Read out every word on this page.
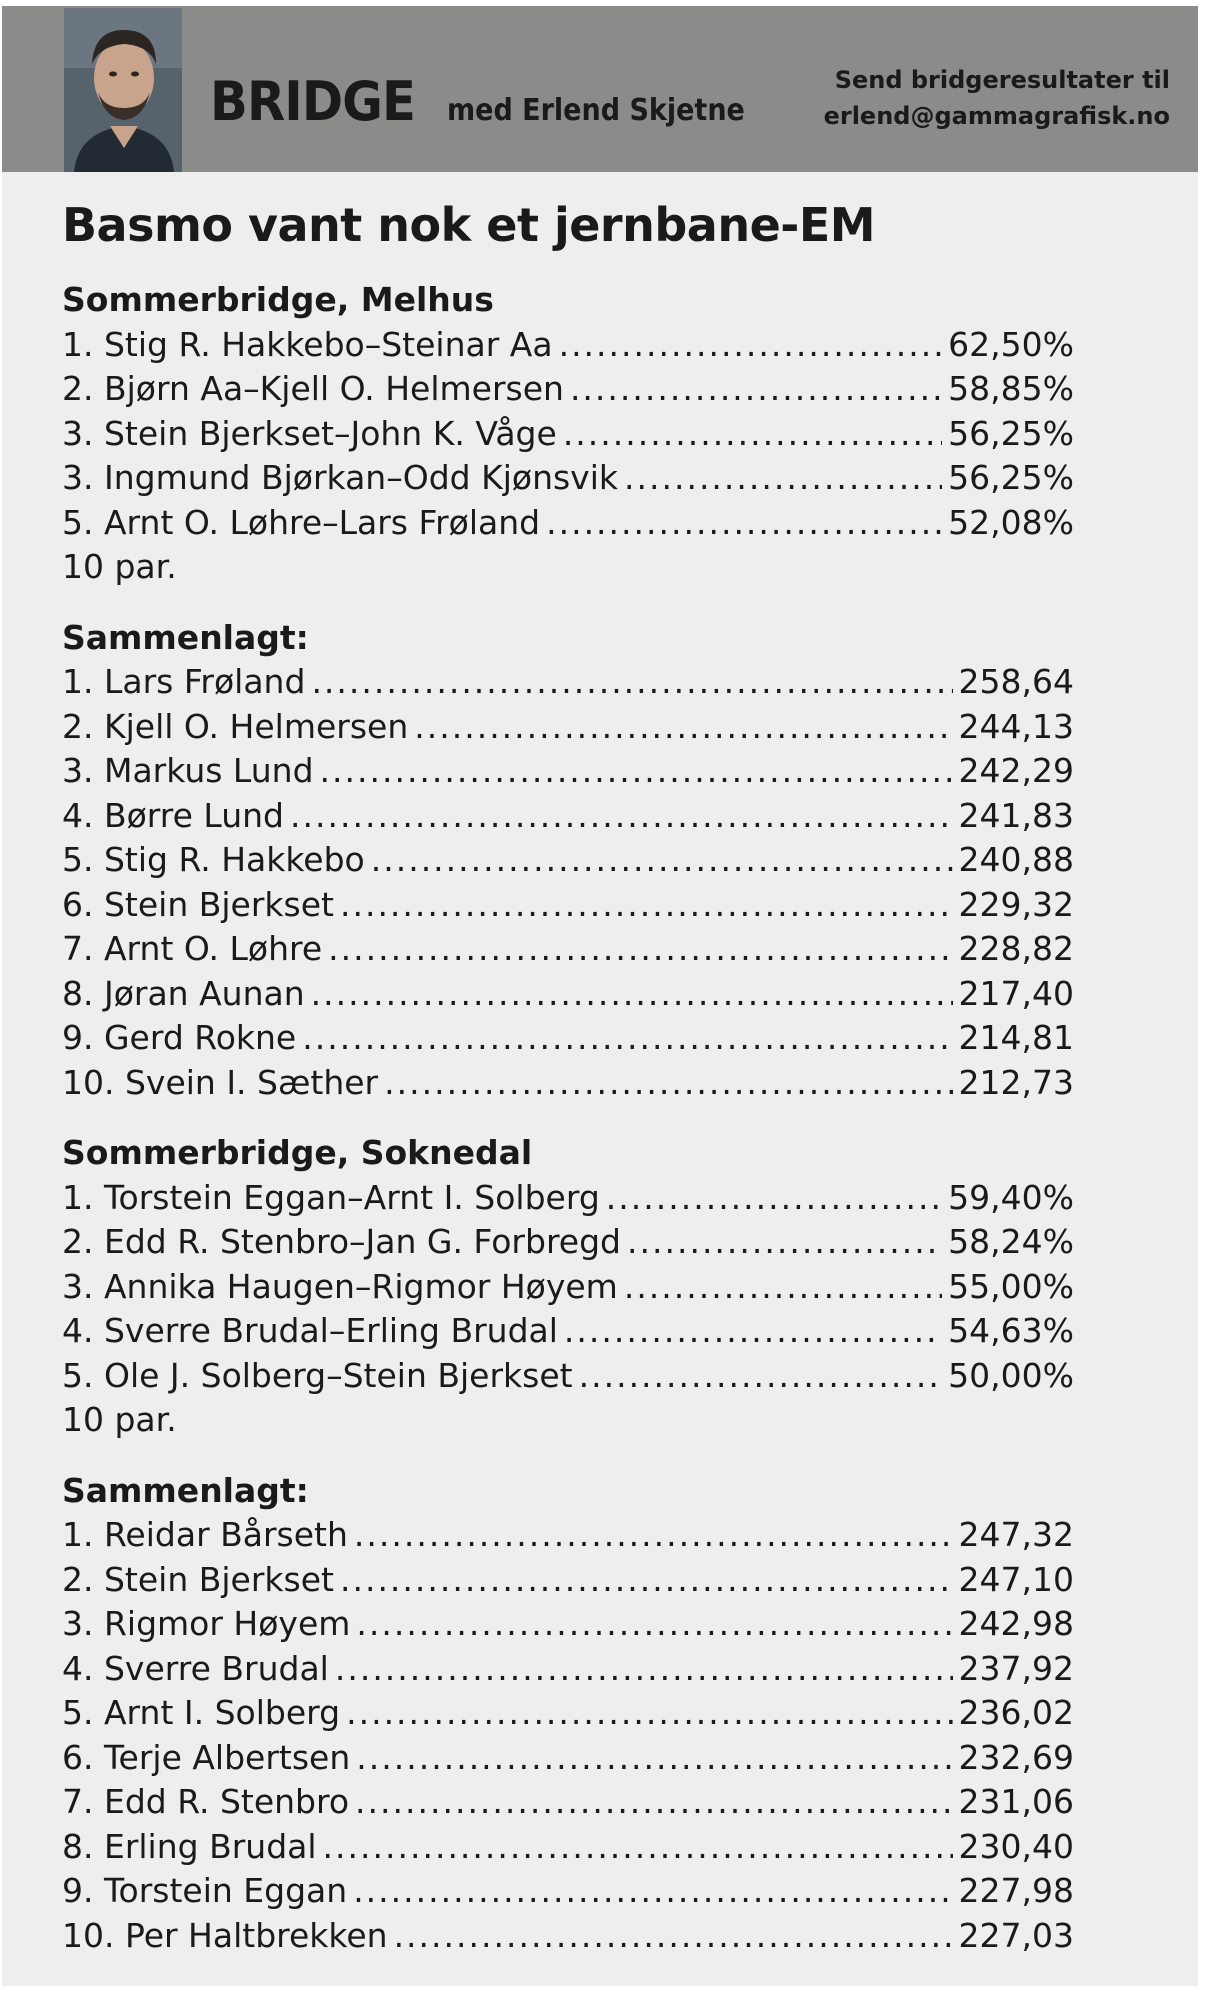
BRIDGE med Erlend Skjetne
Send bridgeresultater til
erlend@gammagrafisk.no
Basmo vant nok et jernbane-EM
Sommerbridge, Melhus
1. Stig R. Hakkebo–Steinar Aa .....	62,50%
2. Bjørn Aa–Kjell O. Helmersen .....	58,85%
3. Stein Bjerkset–John K. Våge .....	56,25%
3. Ingmund Bjørkan–Odd Kjønsvik .....	56,25%
5. Arnt O. Løhre–Lars Frøland .....	52,08%
10 par.
Sammenlagt:
1. Lars Frøland .....	258,64
2. Kjell O. Helmersen .....	244,13
3. Markus Lund .....	242,29
4. Børre Lund .....	241,83
5. Stig R. Hakkebo .....	240,88
6. Stein Bjerkset .....	229,32
7. Arnt O. Løhre .....	228,82
8. Jøran Aunan .....	217,40
9. Gerd Rokne .....	214,81
10. Svein I. Sæther .....	212,73
Sommerbridge, Soknedal
1. Torstein Eggan–Arnt I. Solberg .....	59,40%
2. Edd R. Stenbro–Jan G. Forbregd .....	58,24%
3. Annika Haugen–Rigmor Høyem .....	55,00%
4. Sverre Brudal–Erling Brudal .....	54,63%
5. Ole J. Solberg–Stein Bjerkset .....	50,00%
10 par.
Sammenlagt:
1. Reidar Bårseth .....	247,32
2. Stein Bjerkset .....	247,10
3. Rigmor Høyem .....	242,98
4. Sverre Brudal .....	237,92
5. Arnt I. Solberg .....	236,02
6. Terje Albertsen .....	232,69
7. Edd R. Stenbro .....	231,06
8. Erling Brudal .....	230,40
9. Torstein Eggan .....	227,98
10. Per Haltbrekken .....	227,03
